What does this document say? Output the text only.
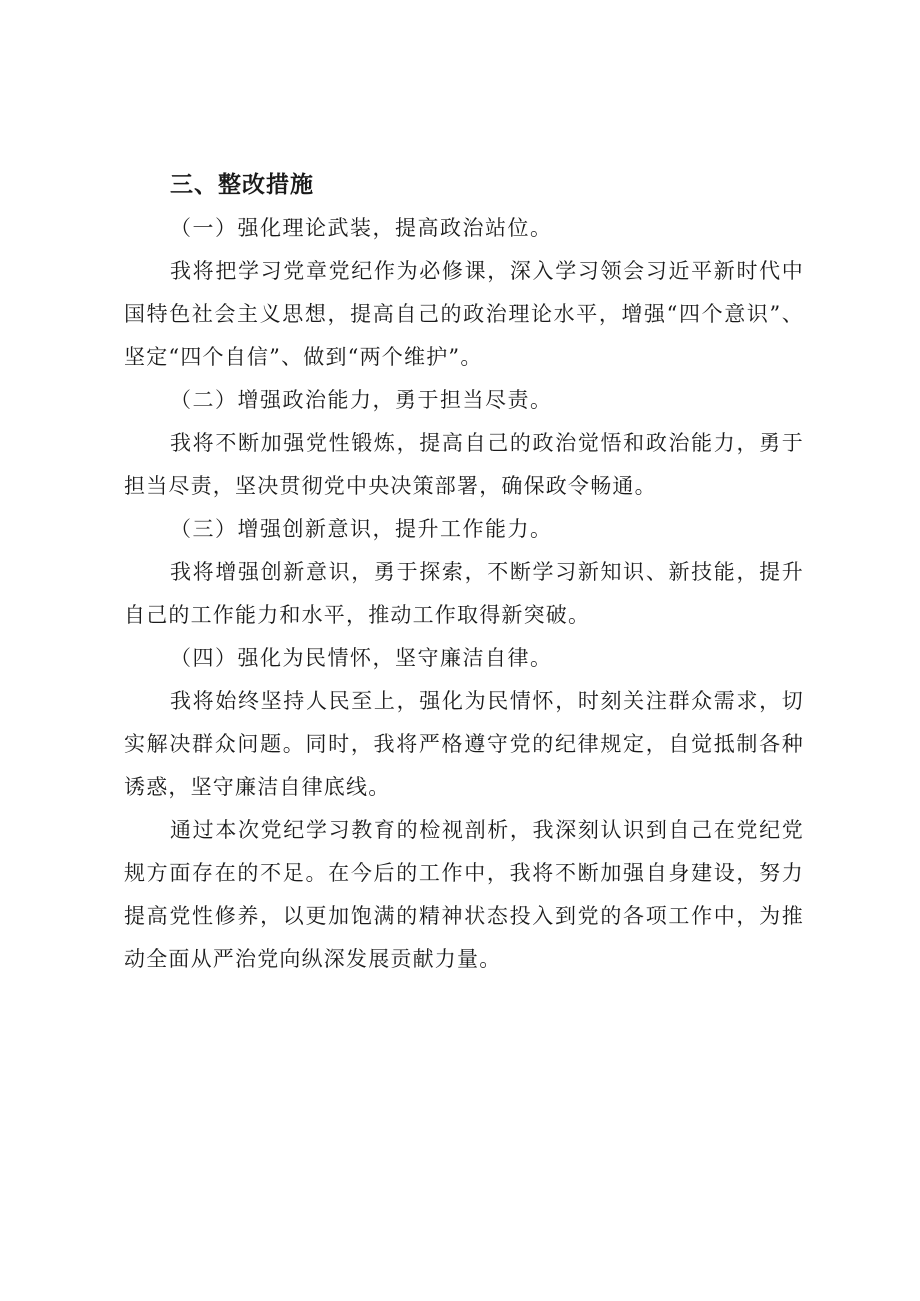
三、整改措施

（一）强化理论武装，提高政治站位。

我将把学习党章党纪作为必修课，深入学习领会习近平新时代中国特色社会主义思想，提高自己的政治理论水平，增强“四个意识”、坚定“四个自信”、做到“两个维护”。

（二）增强政治能力，勇于担当尽责。

我将不断加强党性锻炼，提高自己的政治觉悟和政治能力，勇于担当尽责，坚决贯彻党中央决策部署，确保政令畅通。

（三）增强创新意识，提升工作能力。

我将增强创新意识，勇于探索，不断学习新知识、新技能，提升自己的工作能力和水平，推动工作取得新突破。

（四）强化为民情怀，坚守廉洁自律。

我将始终坚持人民至上，强化为民情怀，时刻关注群众需求，切实解决群众问题。同时，我将严格遵守党的纪律规定，自觉抵制各种诱惑，坚守廉洁自律底线。

通过本次党纪学习教育的检视剖析，我深刻认识到自己在党纪党规方面存在的不足。在今后的工作中，我将不断加强自身建设，努力提高党性修养，以更加饱满的精神状态投入到党的各项工作中，为推动全面从严治党向纵深发展贡献力量。
